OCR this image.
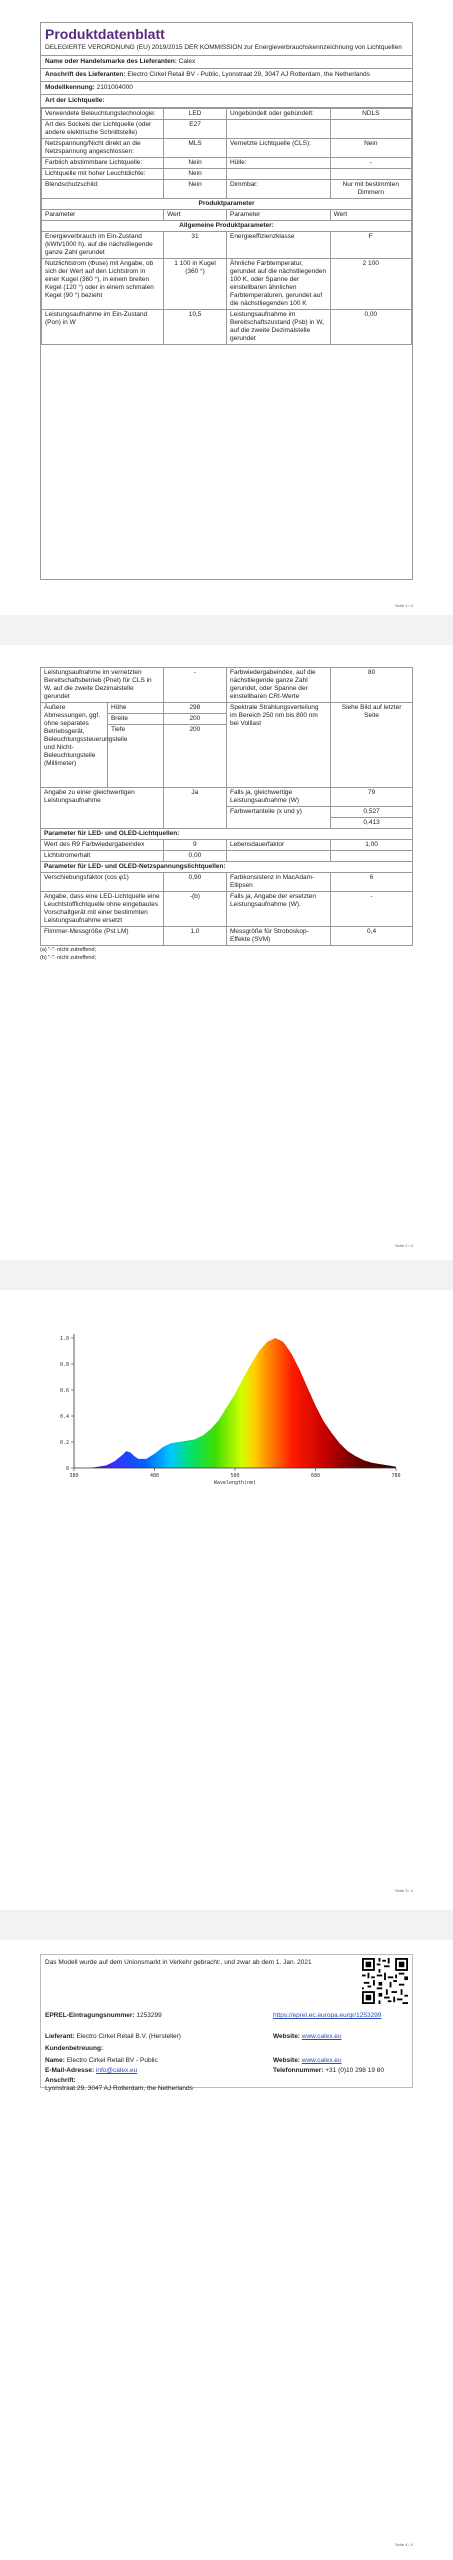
Produktdatenblatt
DELEGIERTE VERORDNUNG (EU) 2019/2015 DER KOMMISSION zur Energieverbrauchskennzeichnung von Lichtquellen
Name oder Handelsmarke des Lieferanten: Calex
Anschrift des Lieferanten: Electro Cirkel Retail BV - Public, Lyonstraat 29, 3047 AJ Rotterdam, the Netherlands
Modellkennung: 2101004000
Art der Lichtquelle:
Verwendete Beleuchtungstechnologie:	LED	Ungebündelt oder gebündelt:	NDLS
Art des Sockels der Lichtquelle (oder andere elektrische Schnittstelle)	E27		
Netzspannung/Nicht direkt an die Netzspannung angeschlossen:	MLS	Vernetzte Lichtquelle (CLS):	Nein
Farblich abstimmbare Lichtquelle:	Nein	Hülle:	-
Lichtquelle mit hoher Leuchtdichte:	Nein		
Blendschutzschild:	Nein	Dimmbar:	Nur mit bestimmten Dimmern
Produktparameter			
Parameter	Wert	Parameter	Wert
Allgemeine Produktparameter:			
Energieverbrauch im Ein-Zustand (kWh/1000 h), auf die nächstliegende ganze Zahl gerundet	31	Energieeffizienzklasse	F
Nutzlichtstrom (Φuse) mit Angabe, ob sich der Wert auf den Lichtstrom in einer Kugel (360 °), in einem breiten Kegel (120 °) oder in einem schmalen Kegel (90 °) bezieht	1 100 in Kugel (360 °)	Ähnliche Farbtemperatur, gerundet auf die nächstliegenden 100 K, oder Spanne der einstellbaren ähnlichen Farbtemperaturen, gerundet auf die nächstliegenden 100 K	2 100
Leistungsaufnahme im Ein-Zustand (Pon) in W	10,5	Leistungsaufnahme im Bereitschaftszustand (Psb) in W, auf die zweite Dezimalstelle gerundet	0,00
Seite 1 / 4
Leistungsaufnahme im vernetzten Bereitschaftsbetrieb (Pnet) für CLS in W, auf die zweite Dezimalstelle gerundet		-	Farbwiedergabeindex, auf die nächstliegende ganze Zahl gerundet, oder Spanne der einstellbaren CRI-Werte	80
Äußere Abmessungen, ggf. ohne separates Betriebsgerät, Beleuchtungssteuerungsteile und Nicht-Beleuchtungsteile (Millimeter)	Höhe	298	Spektrale Strahlungsverteilung im Bereich 250 nm bis 800 nm bei Volllast	Siehe Bild auf letzter Seite
	Breite	200		
	Tiefe	200		
Angabe zu einer gleichwertigen Leistungsaufnahme		Ja	Falls ja, gleichwertige Leistungsaufnahme (W)	79
			Farbwertanteile (x und y)	0,527
				0,413
Parameter für LED- und OLED-Lichtquellen:				
Wert des R9 Farbwiedergabeindex		9	Lebensdauerfaktor	1,00
Lichtstromerhalt		0,00		
Parameter für LED- und OLED-Netzspannungslichtquellen:				
Verschiebungsfaktor (cos φ1)		0,90	Farbkonsistenz in MacAdam-Ellipsen	6
Angabe, dass eine LED-Lichtquelle eine Leuchtstofflichtquelle ohne eingebautes Vorschaltgerät mit einer bestimmten Leistungsaufnahme ersetzt		-(b)	Falls ja, Angabe der ersetzten Leistungsaufnahme (W).	-
Flimmer-Messgröße (Pst LM)		1,0	Messgröße für Stroboskop-Effekte (SVM)	0,4
(a) "-": nicht zutreffend;
(b) "-": nicht zutreffend;
Seite 2 / 4
0
0.2
0.4
0.6
0.8
1.0
380	480	580	680	780
Wavelength(nm)
Seite 3 / 4
Das Modell wurde auf dem Unionsmarkt in Verkehr gebracht:, und zwar ab dem 1. Jan. 2021
EPREL-Eintragungsnummer: 1253299	https://eprel.ec.europa.eu/qr/1253299
Lieferant: Electro Cirkel Retail B.V. (Hersteller)	Website: www.calex.eu
Kundenbetreuung:
Name: Electro Cirkel Retail BV - Public	Website: www.calex.eu
E-Mail-Adresse: info@calex.eu	Telefonnummer: +31 (0)10 298 19 80
Anschrift:
Lyonstraat 29, 3047 AJ Rotterdam, the Netherlands
Seite 4 / 4
